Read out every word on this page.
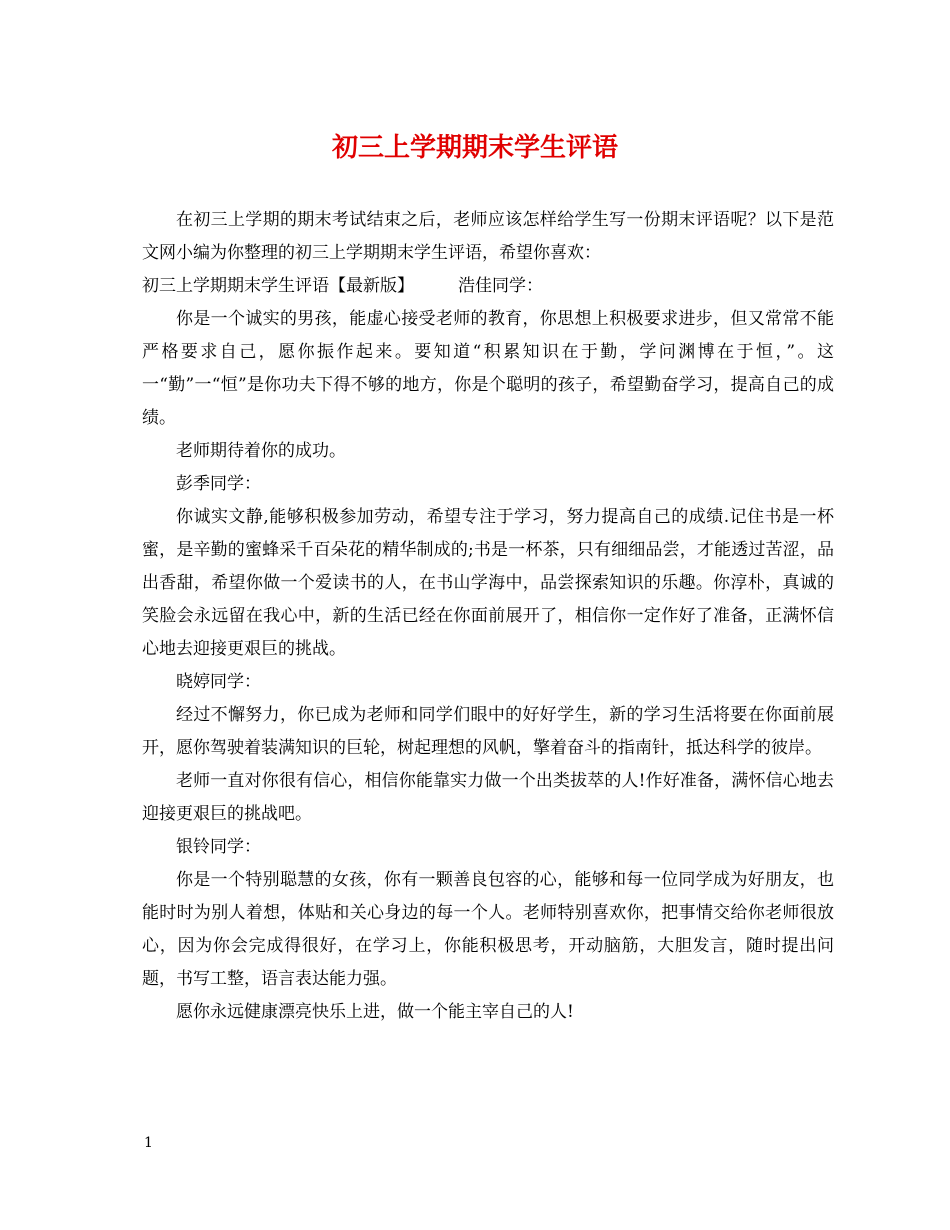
初三上学期期末学生评语

在初三上学期的期末考试结束之后，老师应该怎样给学生写一份期末评语呢？以下是范文网小编为你整理的初三上学期期末学生评语，希望你喜欢：

初三上学期期末学生评语【最新版】	浩佳同学：

你是一个诚实的男孩，能虚心接受老师的教育，你思想上积极要求进步，但又常常不能严格要求自己，愿你振作起来。要知道“积累知识在于勤，学问渊博在于恒，”。这一“勤”一“恒”是你功夫下得不够的地方，你是个聪明的孩子，希望勤奋学习，提高自己的成绩。

老师期待着你的成功。

彭季同学：

你诚实文静,能够积极参加劳动，希望专注于学习，努力提高自己的成绩.记住书是一杯蜜，是辛勤的蜜蜂采千百朵花的精华制成的;书是一杯茶，只有细细品尝，才能透过苦涩，品出香甜，希望你做一个爱读书的人，在书山学海中，品尝探索知识的乐趣。你淳朴，真诚的笑脸会永远留在我心中，新的生活已经在你面前展开了，相信你一定作好了准备，正满怀信心地去迎接更艰巨的挑战。

晓婷同学：

经过不懈努力，你已成为老师和同学们眼中的好好学生，新的学习生活将要在你面前展开，愿你驾驶着装满知识的巨轮，树起理想的风帆，擎着奋斗的指南针，抵达科学的彼岸。

老师一直对你很有信心，相信你能靠实力做一个出类拔萃的人!作好准备，满怀信心地去迎接更艰巨的挑战吧。

银铃同学：

你是一个特别聪慧的女孩，你有一颗善良包容的心，能够和每一位同学成为好朋友，也能时时为别人着想，体贴和关心身边的每一个人。老师特别喜欢你，把事情交给你老师很放心，因为你会完成得很好，在学习上，你能积极思考，开动脑筋，大胆发言，随时提出问题，书写工整，语言表达能力强。

愿你永远健康漂亮快乐上进，做一个能主宰自己的人!

1
